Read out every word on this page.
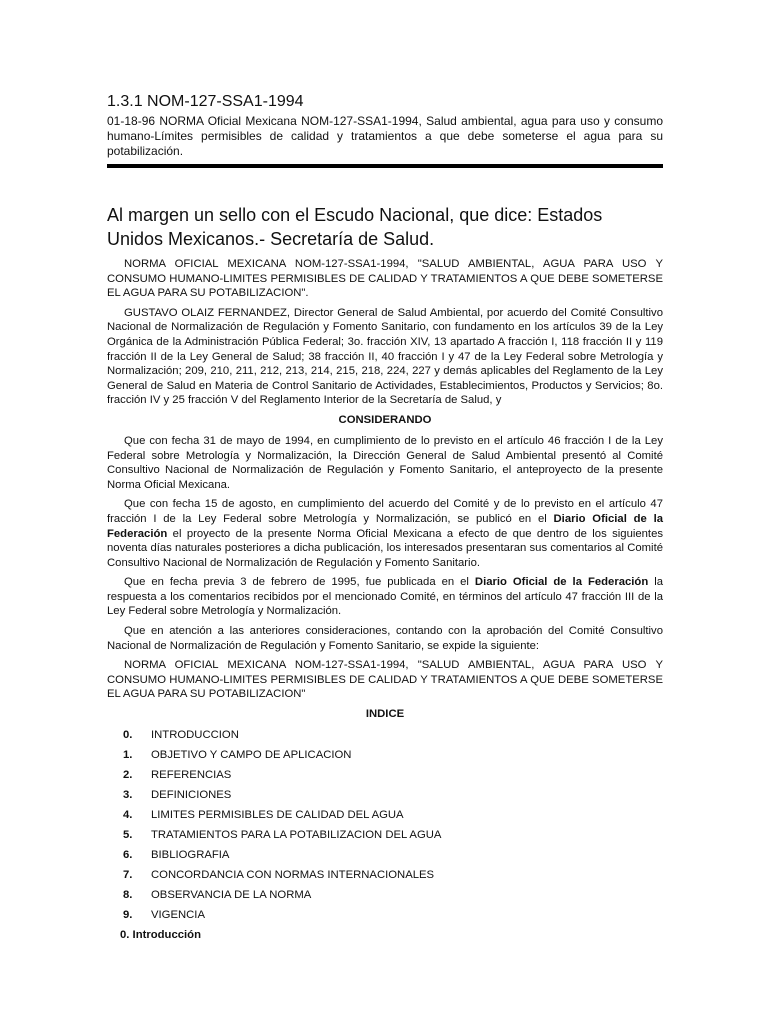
1.3.1 NOM-127-SSA1-1994

01-18-96 NORMA Oficial Mexicana NOM-127-SSA1-1994, Salud ambiental, agua para uso y consumo humano-Límites permisibles de calidad y tratamientos a que debe someterse el agua para su potabilización.

Al margen un sello con el Escudo Nacional, que dice: Estados Unidos Mexicanos.- Secretaría de Salud.

NORMA OFICIAL MEXICANA NOM-127-SSA1-1994, "SALUD AMBIENTAL, AGUA PARA USO Y CONSUMO HUMANO-LIMITES PERMISIBLES DE CALIDAD Y TRATAMIENTOS A QUE DEBE SOMETERSE EL AGUA PARA SU POTABILIZACION".

GUSTAVO OLAIZ FERNANDEZ, Director General de Salud Ambiental, por acuerdo del Comité Consultivo Nacional de Normalización de Regulación y Fomento Sanitario, con fundamento en los artículos 39 de la Ley Orgánica de la Administración Pública Federal; 3o. fracción XIV, 13 apartado A fracción I, 118 fracción II y 119 fracción II de la Ley General de Salud; 38 fracción II, 40 fracción I y 47 de la Ley Federal sobre Metrología y Normalización; 209, 210, 211, 212, 213, 214, 215, 218, 224, 227 y demás aplicables del Reglamento de la Ley General de Salud en Materia de Control Sanitario de Actividades, Establecimientos, Productos y Servicios; 8o. fracción IV y 25 fracción V del Reglamento Interior de la Secretaría de Salud, y

CONSIDERANDO

Que con fecha 31 de mayo de 1994, en cumplimiento de lo previsto en el artículo 46 fracción I de la Ley Federal sobre Metrología y Normalización, la Dirección General de Salud Ambiental presentó al Comité Consultivo Nacional de Normalización de Regulación y Fomento Sanitario, el anteproyecto de la presente Norma Oficial Mexicana.

Que con fecha 15 de agosto, en cumplimiento del acuerdo del Comité y de lo previsto en el artículo 47 fracción I de la Ley Federal sobre Metrología y Normalización, se publicó en el Diario Oficial de la Federación el proyecto de la presente Norma Oficial Mexicana a efecto de que dentro de los siguientes noventa días naturales posteriores a dicha publicación, los interesados presentaran sus comentarios al Comité Consultivo Nacional de Normalización de Regulación y Fomento Sanitario.

Que en fecha previa 3 de febrero de 1995, fue publicada en el Diario Oficial de la Federación la respuesta a los comentarios recibidos por el mencionado Comité, en términos del artículo 47 fracción III de la Ley Federal sobre Metrología y Normalización.

Que en atención a las anteriores consideraciones, contando con la aprobación del Comité Consultivo Nacional de Normalización de Regulación y Fomento Sanitario, se expide la siguiente:

NORMA OFICIAL MEXICANA NOM-127-SSA1-1994, "SALUD AMBIENTAL, AGUA PARA USO Y CONSUMO HUMANO-LIMITES PERMISIBLES DE CALIDAD Y TRATAMIENTOS A QUE DEBE SOMETERSE EL AGUA PARA SU POTABILIZACION"

INDICE

0.	INTRODUCCION
1.	OBJETIVO Y CAMPO DE APLICACION
2.	REFERENCIAS
3.	DEFINICIONES
4.	LIMITES PERMISIBLES DE CALIDAD DEL AGUA
5.	TRATAMIENTOS PARA LA POTABILIZACION DEL AGUA
6.	BIBLIOGRAFIA
7.	CONCORDANCIA CON NORMAS INTERNACIONALES
8.	OBSERVANCIA DE LA NORMA
9.	VIGENCIA
0. Introducción
